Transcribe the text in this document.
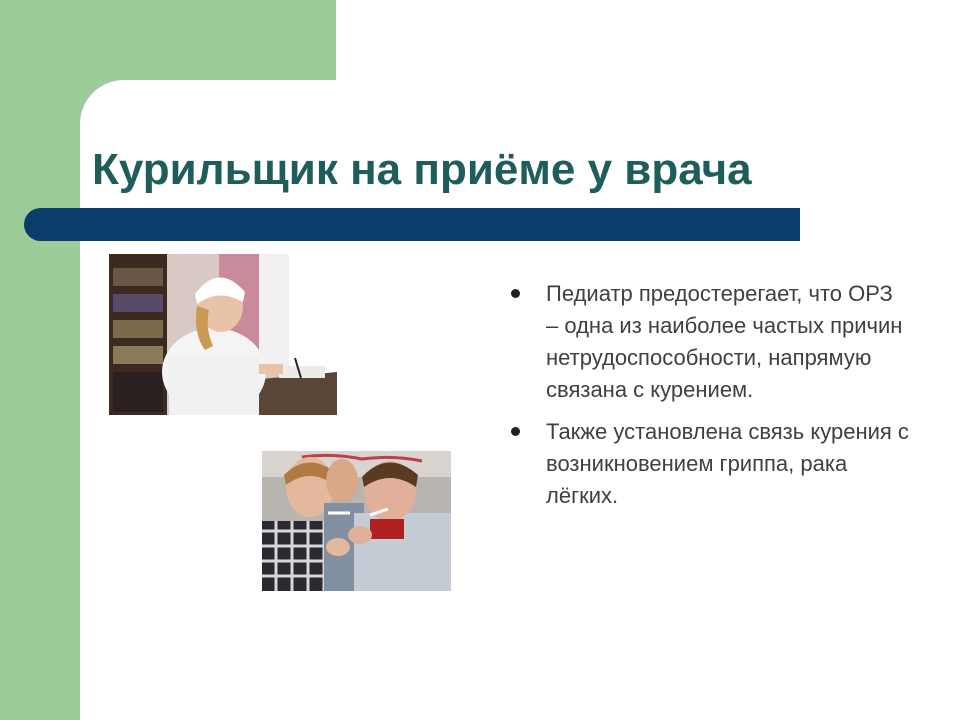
Курильщик на приёме у врача
Педиатр предостерегает, что ОРЗ – одна из наиболее частых причин нетрудоспособности, напрямую связана с курением.
Также установлена связь курения с возникновением гриппа, рака лёгких.
